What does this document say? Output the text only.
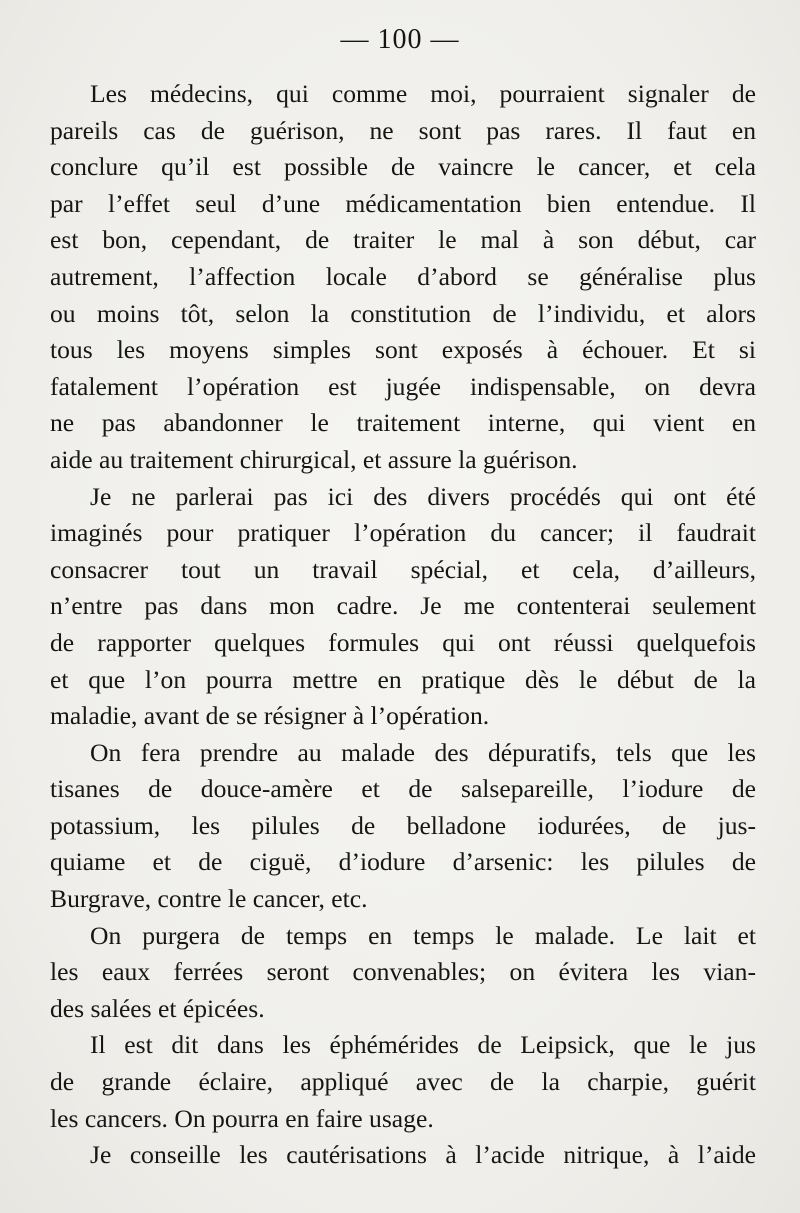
— 100 —
Les médecins, qui comme moi, pourraient signaler de
pareils cas de guérison, ne sont pas rares. Il faut en
conclure qu’il est possible de vaincre le cancer, et cela
par l’effet seul d’une médicamentation bien entendue. Il
est bon, cependant, de traiter le mal à son début, car
autrement, l’affection locale d’abord se généralise plus
ou moins tôt, selon la constitution de l’individu, et alors
tous les moyens simples sont exposés à échouer. Et si
fatalement l’opération est jugée indispensable, on devra
ne pas abandonner le traitement interne, qui vient en
aide au traitement chirurgical, et assure la guérison.
Je ne parlerai pas ici des divers procédés qui ont été
imaginés pour pratiquer l’opération du cancer; il faudrait
consacrer tout un travail spécial, et cela, d’ailleurs,
n’entre pas dans mon cadre. Je me contenterai seulement
de rapporter quelques formules qui ont réussi quelquefois
et que l’on pourra mettre en pratique dès le début de la
maladie, avant de se résigner à l’opération.
On fera prendre au malade des dépuratifs, tels que les
tisanes de douce-amère et de salsepareille, l’iodure de
potassium, les pilules de belladone iodurées, de jus-
quiame et de ciguë, d’iodure d’arsenic: les pilules de
Burgrave, contre le cancer, etc.
On purgera de temps en temps le malade. Le lait et
les eaux ferrées seront convenables; on évitera les vian-
des salées et épicées.
Il est dit dans les éphémérides de Leipsick, que le jus
de grande éclaire, appliqué avec de la charpie, guérit
les cancers. On pourra en faire usage.
Je conseille les cautérisations à l’acide nitrique, à l’aide
